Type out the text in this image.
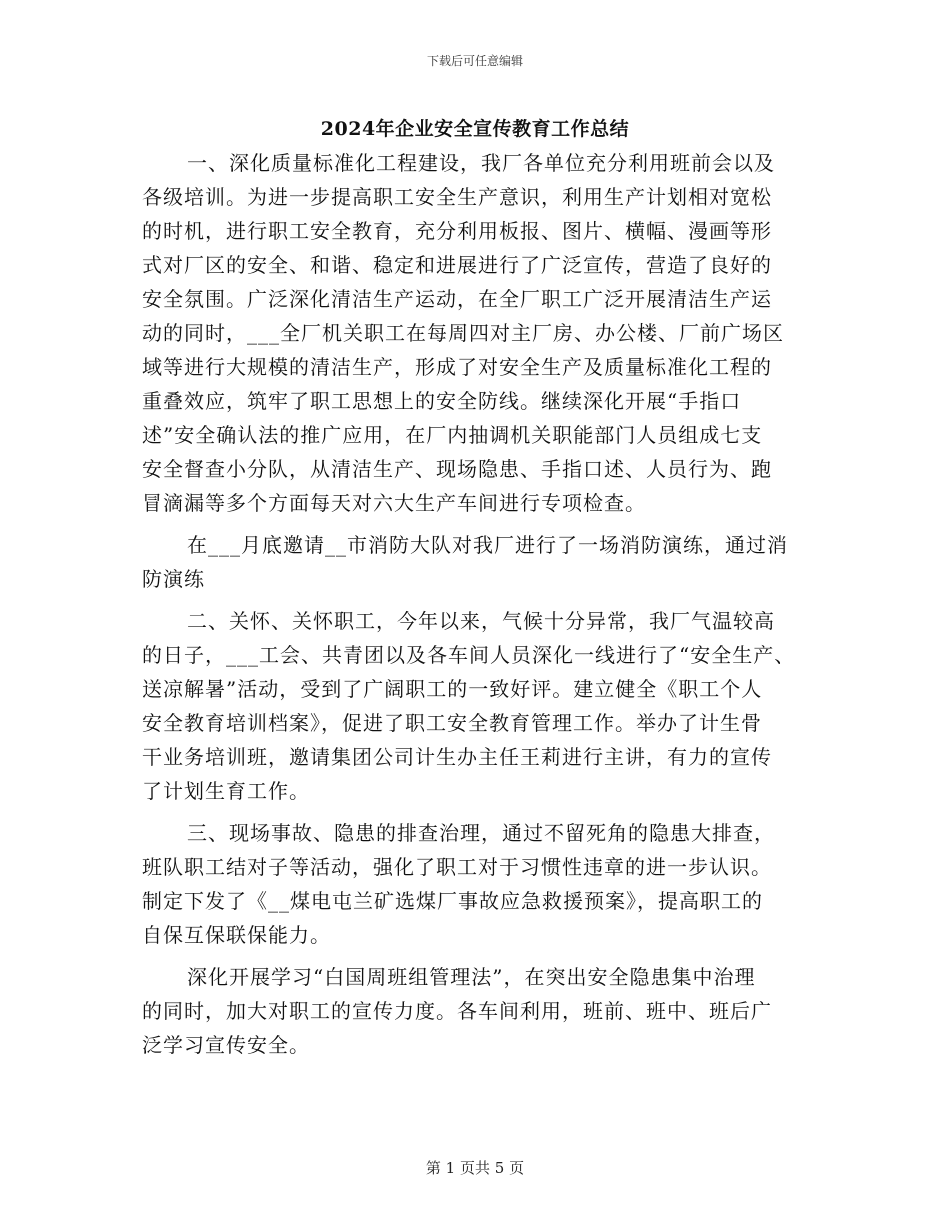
下载后可任意编辑
2024年企业安全宣传教育工作总结
一、深化质量标准化工程建设，我厂各单位充分利用班前会以及
各级培训。为进一步提高职工安全生产意识，利用生产计划相对宽松
的时机，进行职工安全教育，充分利用板报、图片、横幅、漫画等形
式对厂区的安全、和谐、稳定和进展进行了广泛宣传，营造了良好的
安全氛围。广泛深化清洁生产运动，在全厂职工广泛开展清洁生产运
动的同时，___全厂机关职工在每周四对主厂房、办公楼、厂前广场区
域等进行大规模的清洁生产，形成了对安全生产及质量标准化工程的
重叠效应，筑牢了职工思想上的安全防线。继续深化开展“手指口
述”安全确认法的推广应用，在厂内抽调机关职能部门人员组成七支
安全督查小分队，从清洁生产、现场隐患、手指口述、人员行为、跑
冒滴漏等多个方面每天对六大生产车间进行专项检查。
在___月底邀请__市消防大队对我厂进行了一场消防演练，通过消
防演练
二、关怀、关怀职工，今年以来，气候十分异常，我厂气温较高
的日子，___工会、共青团以及各车间人员深化一线进行了“安全生产、
送凉解暑”活动，受到了广阔职工的一致好评。建立健全《职工个人
安全教育培训档案》，促进了职工安全教育管理工作。举办了计生骨
干业务培训班，邀请集团公司计生办主任王莉进行主讲，有力的宣传
了计划生育工作。
三、现场事故、隐患的排查治理，通过不留死角的隐患大排查，
班队职工结对子等活动，强化了职工对于习惯性违章的进一步认识。
制定下发了《__煤电屯兰矿选煤厂事故应急救援预案》，提高职工的
自保互保联保能力。
深化开展学习“白国周班组管理法”，在突出安全隐患集中治理
的同时，加大对职工的宣传力度。各车间利用，班前、班中、班后广
泛学习宣传安全。
第 1 页共 5 页
